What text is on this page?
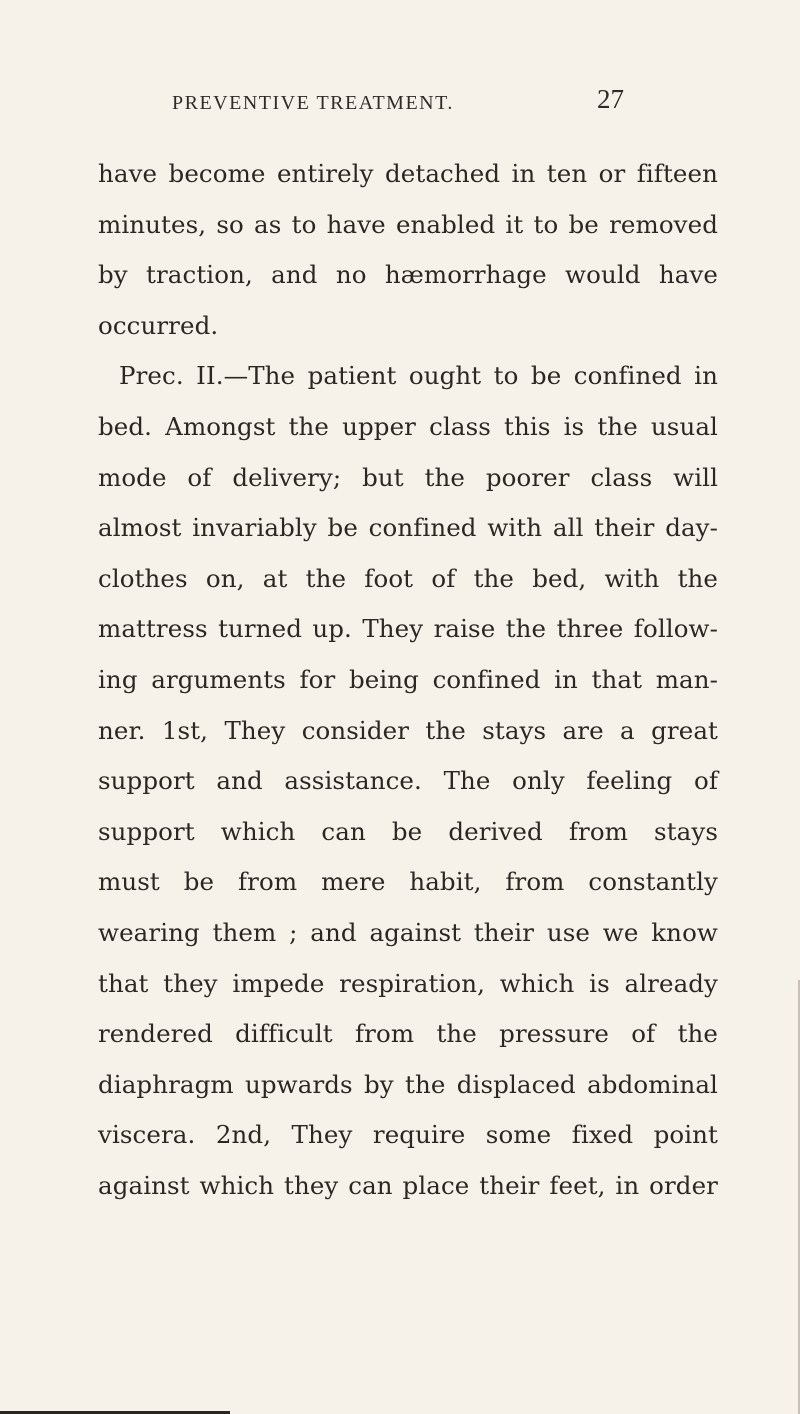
PREVENTIVE TREATMENT.	27
have become entirely detached in ten or fifteen
minutes, so as to have enabled it to be removed
by traction, and no hæmorrhage would have
occurred.
Prec. II.—The patient ought to be confined in
bed. Amongst the upper class this is the usual
mode of delivery; but the poorer class will
almost invariably be confined with all their day-
clothes on, at the foot of the bed, with the
mattress turned up. They raise the three follow-
ing arguments for being confined in that man-
ner. 1st, They consider the stays are a great
support and assistance. The only feeling of
support which can be derived from stays
must be from mere habit, from constantly
wearing them ; and against their use we know
that they impede respiration, which is already
rendered difficult from the pressure of the
diaphragm upwards by the displaced abdominal
viscera. 2nd, They require some fixed point
against which they can place their feet, in order
